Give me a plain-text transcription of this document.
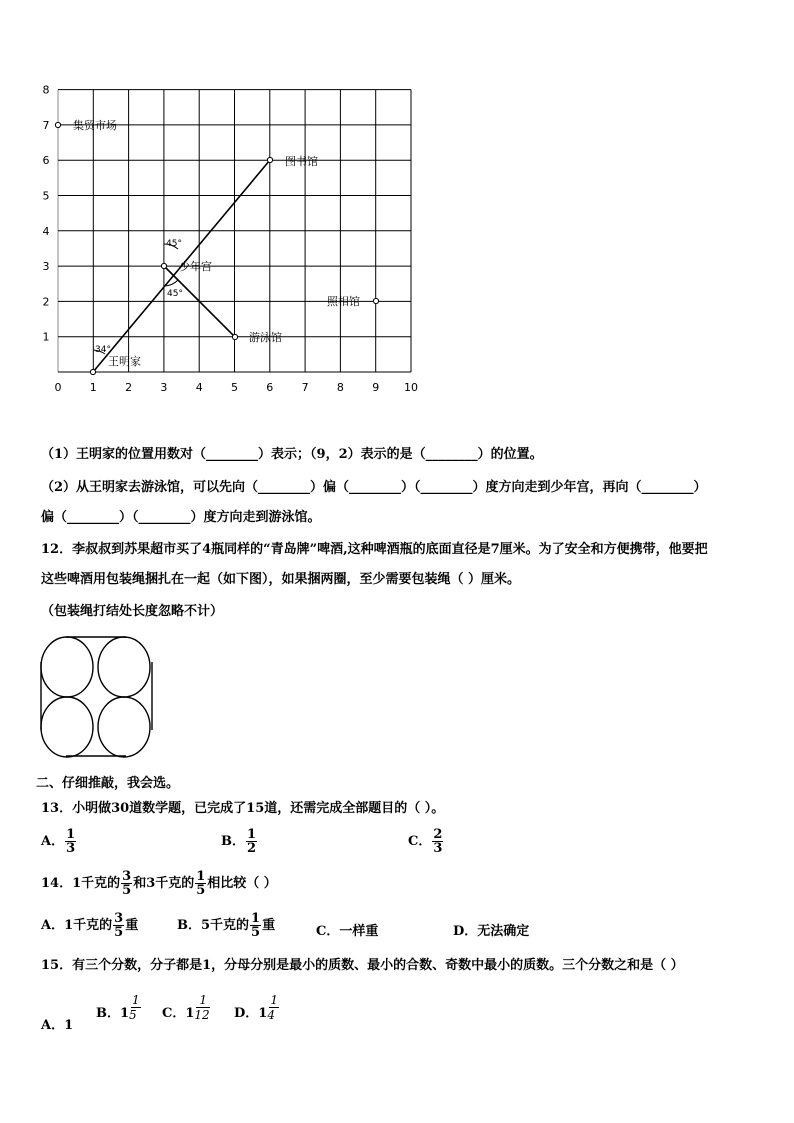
0	1	2	3	4	5	6	7	8	9 10
1
2
3
4
5
6
7
8
集贸市场
图书馆
少年宫
照相馆
游泳馆
王明家
45°
45°
34°
（1）王明家的位置用数对（________）表示；（9，2）表示的是（________）的位置。
（2）从王明家去游泳馆，可以先向（________）偏（________）（________）度方向走到少年宫，再向（________）
偏（________）（________）度方向走到游泳馆。
12．李叔叔到苏果超市买了4瓶同样的“青岛牌”啤酒,这种啤酒瓶的底面直径是7厘米。为了安全和方便携带，他要把
这些啤酒用包装绳捆扎在一起（如下图），如果捆两圈，至少需要包装绳（ ）厘米。
（包装绳打结处长度忽略不计）
二、仔细推敲，我会选。
13．小明做30道数学题，已完成了15道，还需完成全部题目的（ ）。
A． $\frac{1}{3}$	B． $\frac{1}{2}$	C． $\frac{2}{3}$
14．1千克的 $\frac{3}{5}$ 和3千克的 $\frac{1}{5}$ 相比较（ ）
A．1千克的 $\frac{3}{5}$ 重	B．5千克的 $\frac{1}{5}$ 重	C．一样重	D．无法确定
15．有三个分数，分子都是1，分母分别是最小的质数、最小的合数、奇数中最小的质数。三个分数之和是（ ）
A．1
B．$1 \frac{1}{5}$ C．$1 \frac{1}{12}$ D．$1 \frac{1}{4}$
